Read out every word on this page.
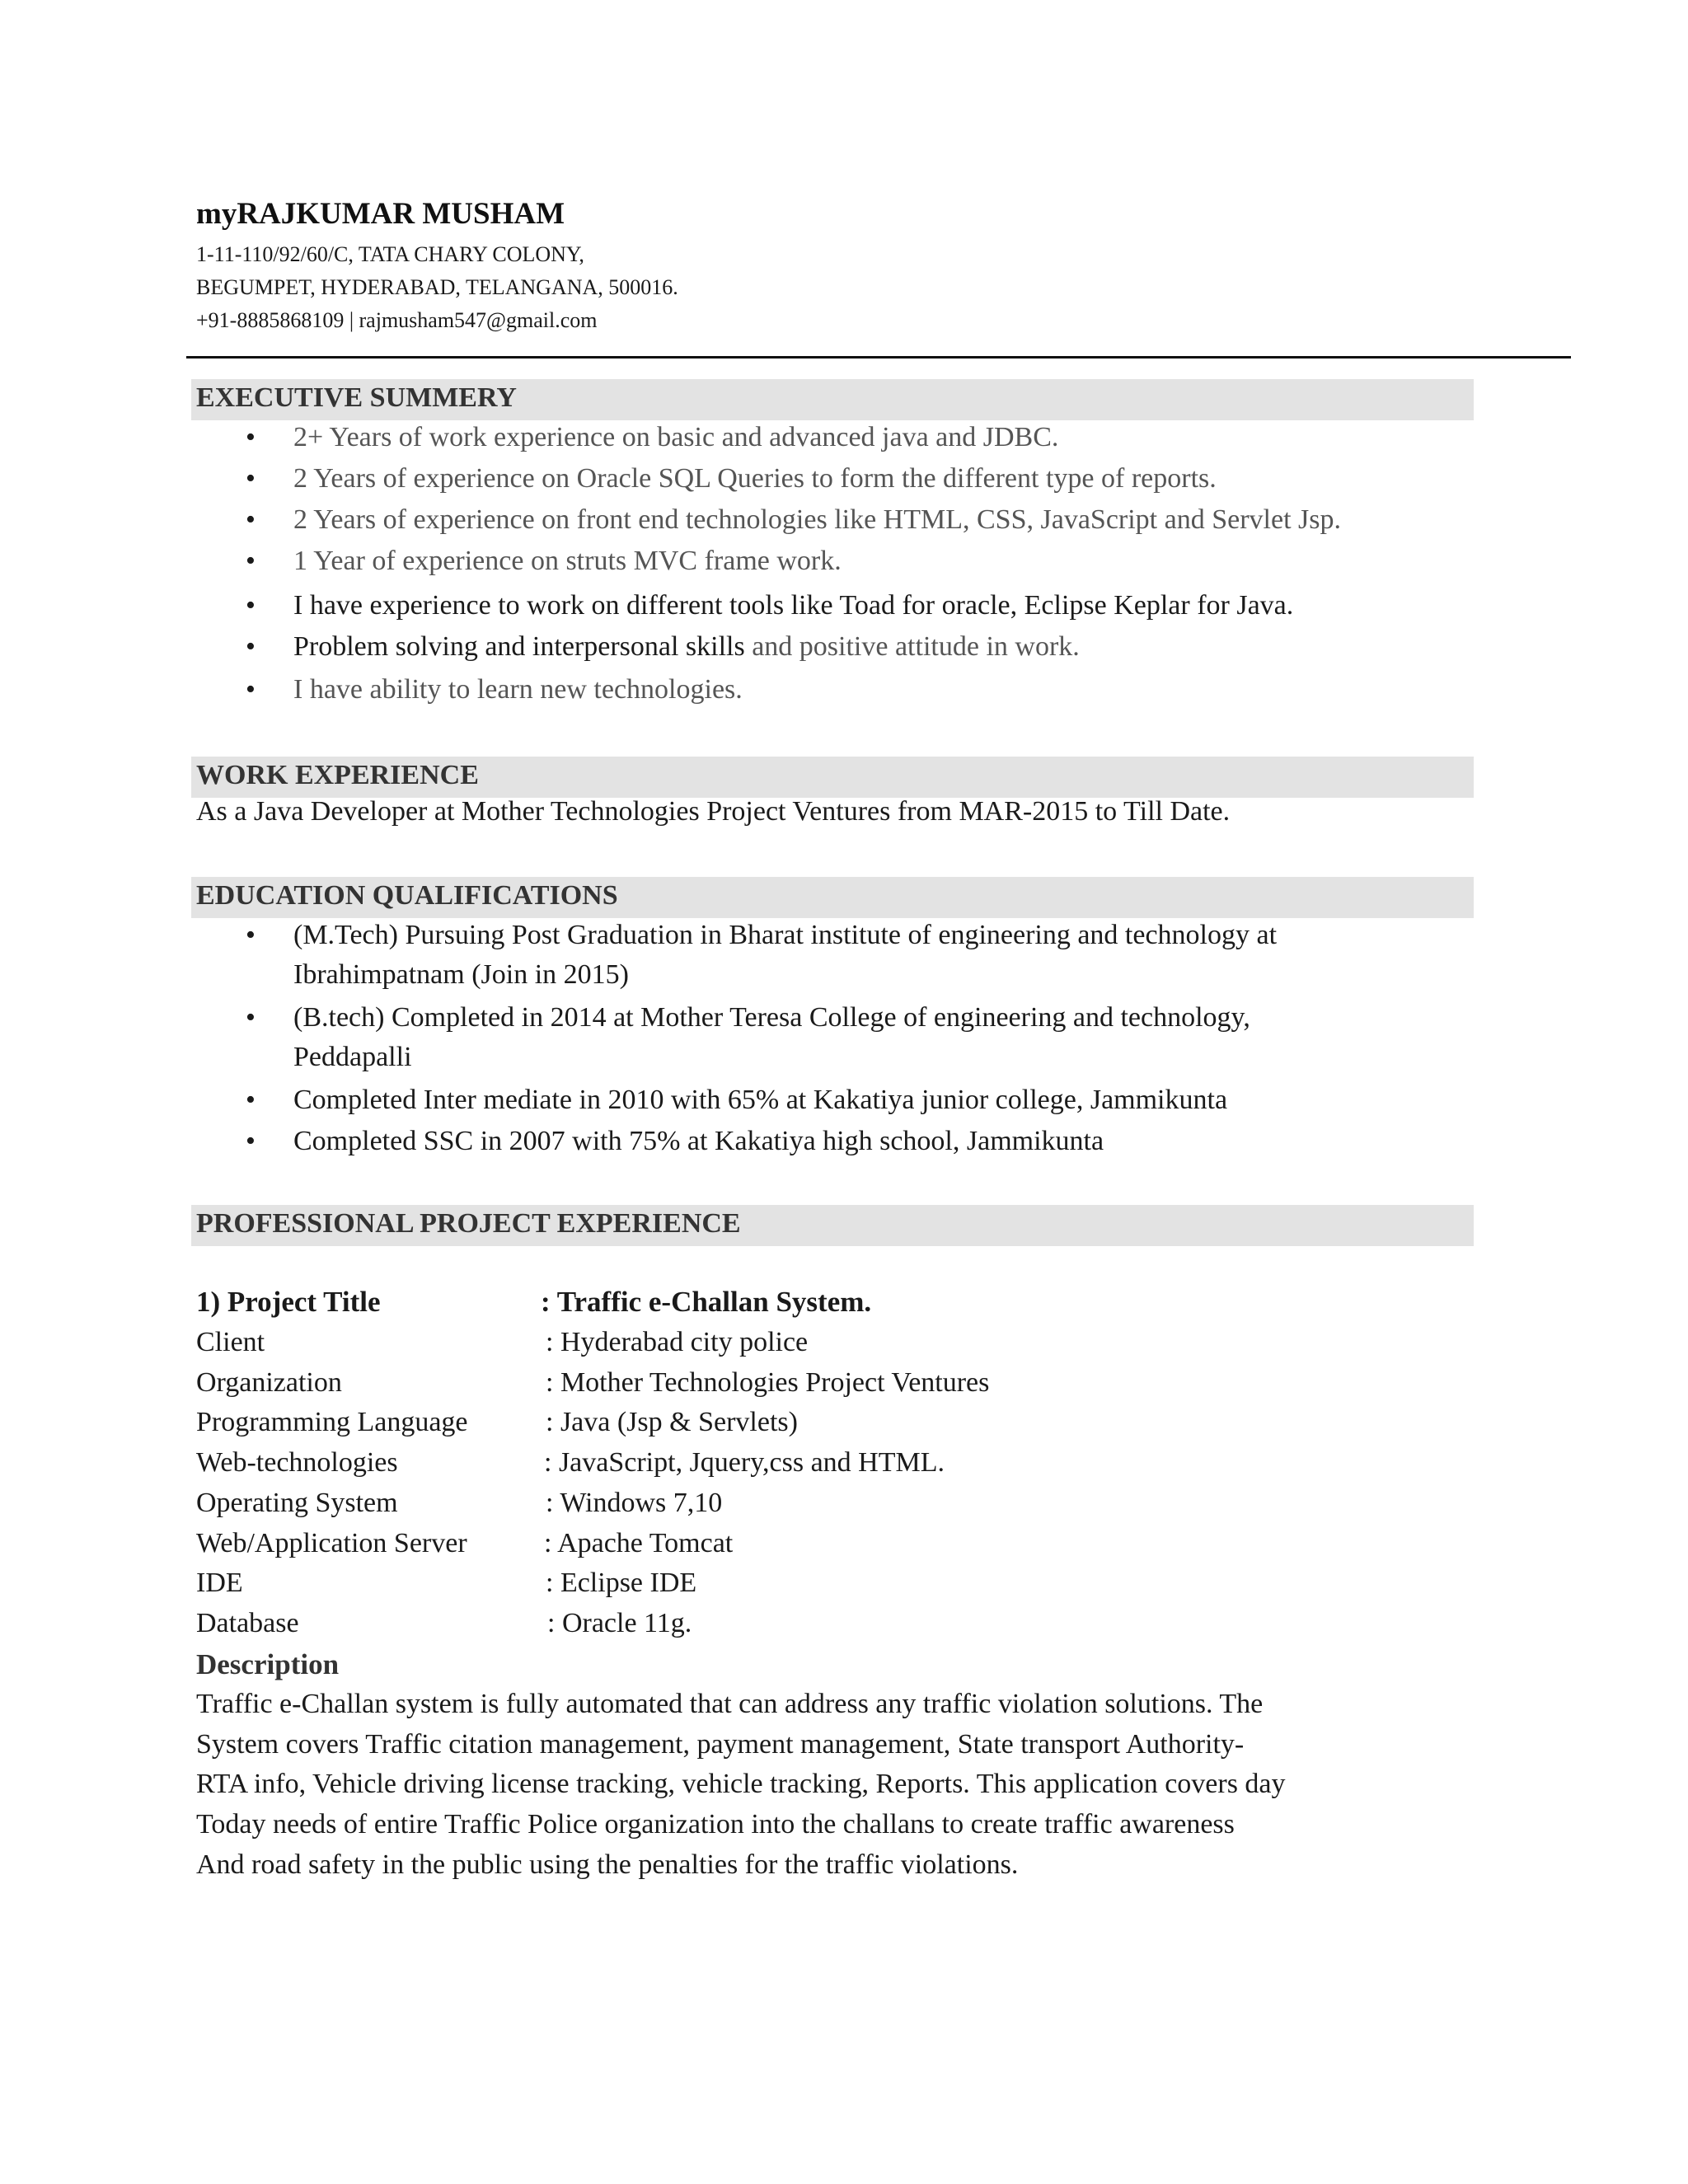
myRAJKUMAR MUSHAM
1-11-110/92/60/C, TATA CHARY COLONY,
BEGUMPET, HYDERABAD, TELANGANA, 500016.
+91-8885868109 | rajmusham547@gmail.com
EXECUTIVE SUMMERY
• 2+ Years of work experience on basic and advanced java and JDBC.
• 2 Years of experience on Oracle SQL Queries to form the different type of reports.
• 2 Years of experience on front end technologies like HTML, CSS, JavaScript and Servlet Jsp.
• 1 Year of experience on struts MVC frame work.
• I have experience to work on different tools like Toad for oracle, Eclipse Keplar for Java.
• Problem solving and interpersonal skills and positive attitude in work.
• I have ability to learn new technologies.
WORK EXPERIENCE
As a Java Developer at Mother Technologies Project Ventures from MAR-2015 to Till Date.
EDUCATION QUALIFICATIONS
• (M.Tech) Pursuing Post Graduation in Bharat institute of engineering and technology at
Ibrahimpatnam (Join in 2015)
• (B.tech) Completed in 2014 at Mother Teresa College of engineering and technology,
Peddapalli
• Completed Inter mediate in 2010 with 65% at Kakatiya junior college, Jammikunta
• Completed SSC in 2007 with 75% at Kakatiya high school, Jammikunta
PROFESSIONAL PROJECT EXPERIENCE
1) Project Title	: Traffic e-Challan System.
Client	: Hyderabad city police
Organization	: Mother Technologies Project Ventures
Programming Language	: Java (Jsp & Servlets)
Web-technologies	: JavaScript, Jquery,css and HTML.
Operating System	: Windows 7,10
Web/Application Server	: Apache Tomcat
IDE	: Eclipse IDE
Database	: Oracle 11g.
Description
Traffic e-Challan system is fully automated that can address any traffic violation solutions. The
System covers Traffic citation management, payment management, State transport Authority-
RTA info, Vehicle driving license tracking, vehicle tracking, Reports. This application covers day
Today needs of entire Traffic Police organization into the challans to create traffic awareness
And road safety in the public using the penalties for the traffic violations.
